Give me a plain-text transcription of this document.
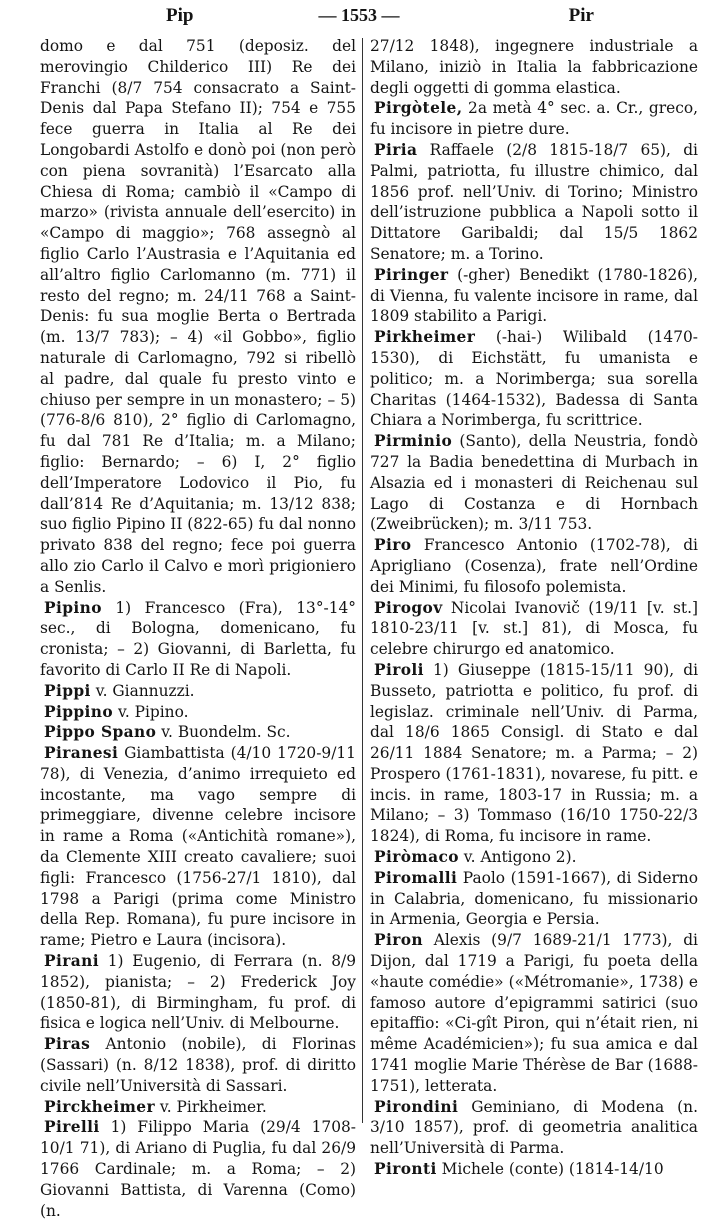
Pip	— 1553 —	Pir

domo e dal 751 (deposiz. del merovingio Childerico III) Re dei Franchi (8/7 754 consacrato a Saint-Denis dal Papa Stefano II); 754 e 755 fece guerra in Italia al Re dei Longobardi Astolfo e donò poi (non però con piena sovranità) l’Esarcato alla Chiesa di Roma; cambiò il «Campo di marzo» (rivista annuale dell’esercito) in «Campo di maggio»; 768 assegnò al figlio Carlo l’Austrasia e l’Aquitania ed all’altro figlio Carlomanno (m. 771) il resto del regno; m. 24/11 768 a Saint-Denis: fu sua moglie Berta o Bertrada (m. 13/7 783); – 4) «il Gobbo», figlio naturale di Carlomagno, 792 si ribellò al padre, dal quale fu presto vinto e chiuso per sempre in un monastero; – 5) (776-8/6 810), 2° figlio di Carlomagno, fu dal 781 Re d’Italia; m. a Milano; figlio: Bernardo; – 6) I, 2° figlio dell’Imperatore Lodovico il Pio, fu dall’814 Re d’Aquitania; m. 13/12 838; suo figlio Pipino II (822-65) fu dal nonno privato 838 del regno; fece poi guerra allo zio Carlo il Calvo e morì prigioniero a Senlis.

Pipino 1) Francesco (Fra), 13°-14° sec., di Bologna, domenicano, fu cronista; – 2) Giovanni, di Barletta, fu favorito di Carlo II Re di Napoli.

Pippi v. Giannuzzi.

Pippino v. Pipino.

Pippo Spano v. Buondelm. Sc.

Piranesi Giambattista (4/10 1720-9/11 78), di Venezia, d’animo irrequieto ed incostante, ma vago sempre di primeggiare, divenne celebre incisore in rame a Roma («Antichità romane»), da Clemente XIII creato cavaliere; suoi figli: Francesco (1756-27/1 1810), dal 1798 a Parigi (prima come Ministro della Rep. Romana), fu pure incisore in rame; Pietro e Laura (incisora).

Pirani 1) Eugenio, di Ferrara (n. 8/9 1852), pianista; – 2) Frederick Joy (1850-81), di Birmingham, fu prof. di fisica e logica nell’Univ. di Melbourne.

Piras Antonio (nobile), di Florinas (Sassari) (n. 8/12 1838), prof. di diritto civile nell’Università di Sassari.

Pirckheimer v. Pirkheimer.

Pirelli 1) Filippo Maria (29/4 1708-10/1 71), di Ariano di Puglia, fu dal 26/9 1766 Cardinale; m. a Roma; – 2) Giovanni Battista, di Varenna (Como) (n.

27/12 1848), ingegnere industriale a Milano, iniziò in Italia la fabbricazione degli oggetti di gomma elastica.

Pirgòtele, 2a metà 4° sec. a. Cr., greco, fu incisore in pietre dure.

Piria Raffaele (2/8 1815-18/7 65), di Palmi, patriotta, fu illustre chimico, dal 1856 prof. nell’Univ. di Torino; Ministro dell’istruzione pubblica a Napoli sotto il Dittatore Garibaldi; dal 15/5 1862 Senatore; m. a Torino.

Piringer (-gher) Benedikt (1780-1826), di Vienna, fu valente incisore in rame, dal 1809 stabilito a Parigi.

Pirkheimer (-hai-) Wilibald (1470-1530), di Eichstätt, fu umanista e politico; m. a Norimberga; sua sorella Charitas (1464-1532), Badessa di Santa Chiara a Norimberga, fu scrittrice.

Pirminio (Santo), della Neustria, fondò 727 la Badia benedettina di Murbach in Alsazia ed i monasteri di Reichenau sul Lago di Costanza e di Hornbach (Zweibrücken); m. 3/11 753.

Piro Francesco Antonio (1702-78), di Aprigliano (Cosenza), frate nell’Ordine dei Minimi, fu filosofo polemista.

Pirogov Nicolai Ivanovič (19/11 [v. st.] 1810-23/11 [v. st.] 81), di Mosca, fu celebre chirurgo ed anatomico.

Piroli 1) Giuseppe (1815-15/11 90), di Busseto, patriotta e politico, fu prof. di legislaz. criminale nell’Univ. di Parma, dal 18/6 1865 Consigl. di Stato e dal 26/11 1884 Senatore; m. a Parma; – 2) Prospero (1761-1831), novarese, fu pitt. e incis. in rame, 1803-17 in Russia; m. a Milano; – 3) Tommaso (16/10 1750-22/3 1824), di Roma, fu incisore in rame.

Piròmaco v. Antigono 2).

Piromalli Paolo (1591-1667), di Siderno in Calabria, domenicano, fu missionario in Armenia, Georgia e Persia.

Piron Alexis (9/7 1689-21/1 1773), di Dijon, dal 1719 a Parigi, fu poeta della «haute comédie» («Métromanie», 1738) e famoso autore d’epigrammi satirici (suo epitaffio: «Ci-gît Piron, qui n’était rien, ni même Académicien»); fu sua amica e dal 1741 moglie Marie Thérèse de Bar (1688-1751), letterata.

Pirondini Geminiano, di Modena (n. 3/10 1857), prof. di geometria analitica nell’Università di Parma.

Pironti Michele (conte) (1814-14/10
